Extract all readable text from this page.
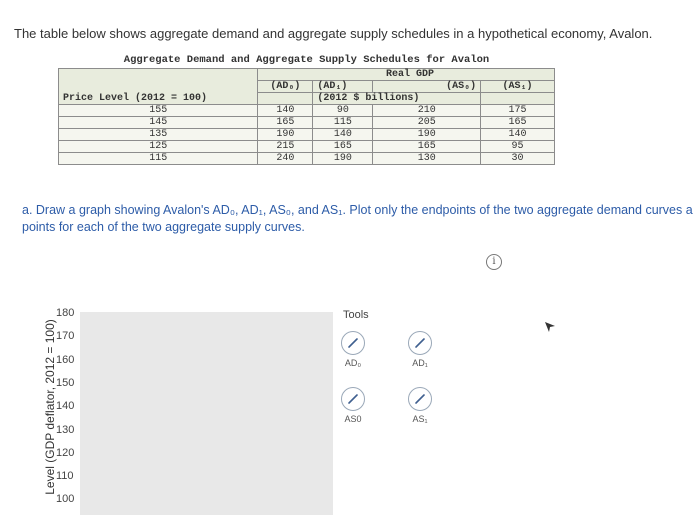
The table below shows aggregate demand and aggregate supply schedules in a hypothetical economy, Avalon.
Aggregate Demand and Aggregate Supply Schedules for Avalon
	Real GDP			
	(AD₀)	(AD₁)	(AS₀)	(AS₁)
Price Level (2012 = 100)		(2012 $ billions)		
155	140	90	210	175
145	165	115	205	165
135	190	140	190	140
125	215	165	165	95
115	240	190	130	30
a. Draw a graph showing Avalon's AD₀, AD₁, AS₀, and AS₁. Plot only the endpoints of the two aggregate demand curves a
points for each of the two aggregate supply curves.
i
Level (GDP deflator, 2012 = 100)
180
170
160
150
140
130
120
110
100
Tools
AD₀	AD₁
AS0	AS₁
